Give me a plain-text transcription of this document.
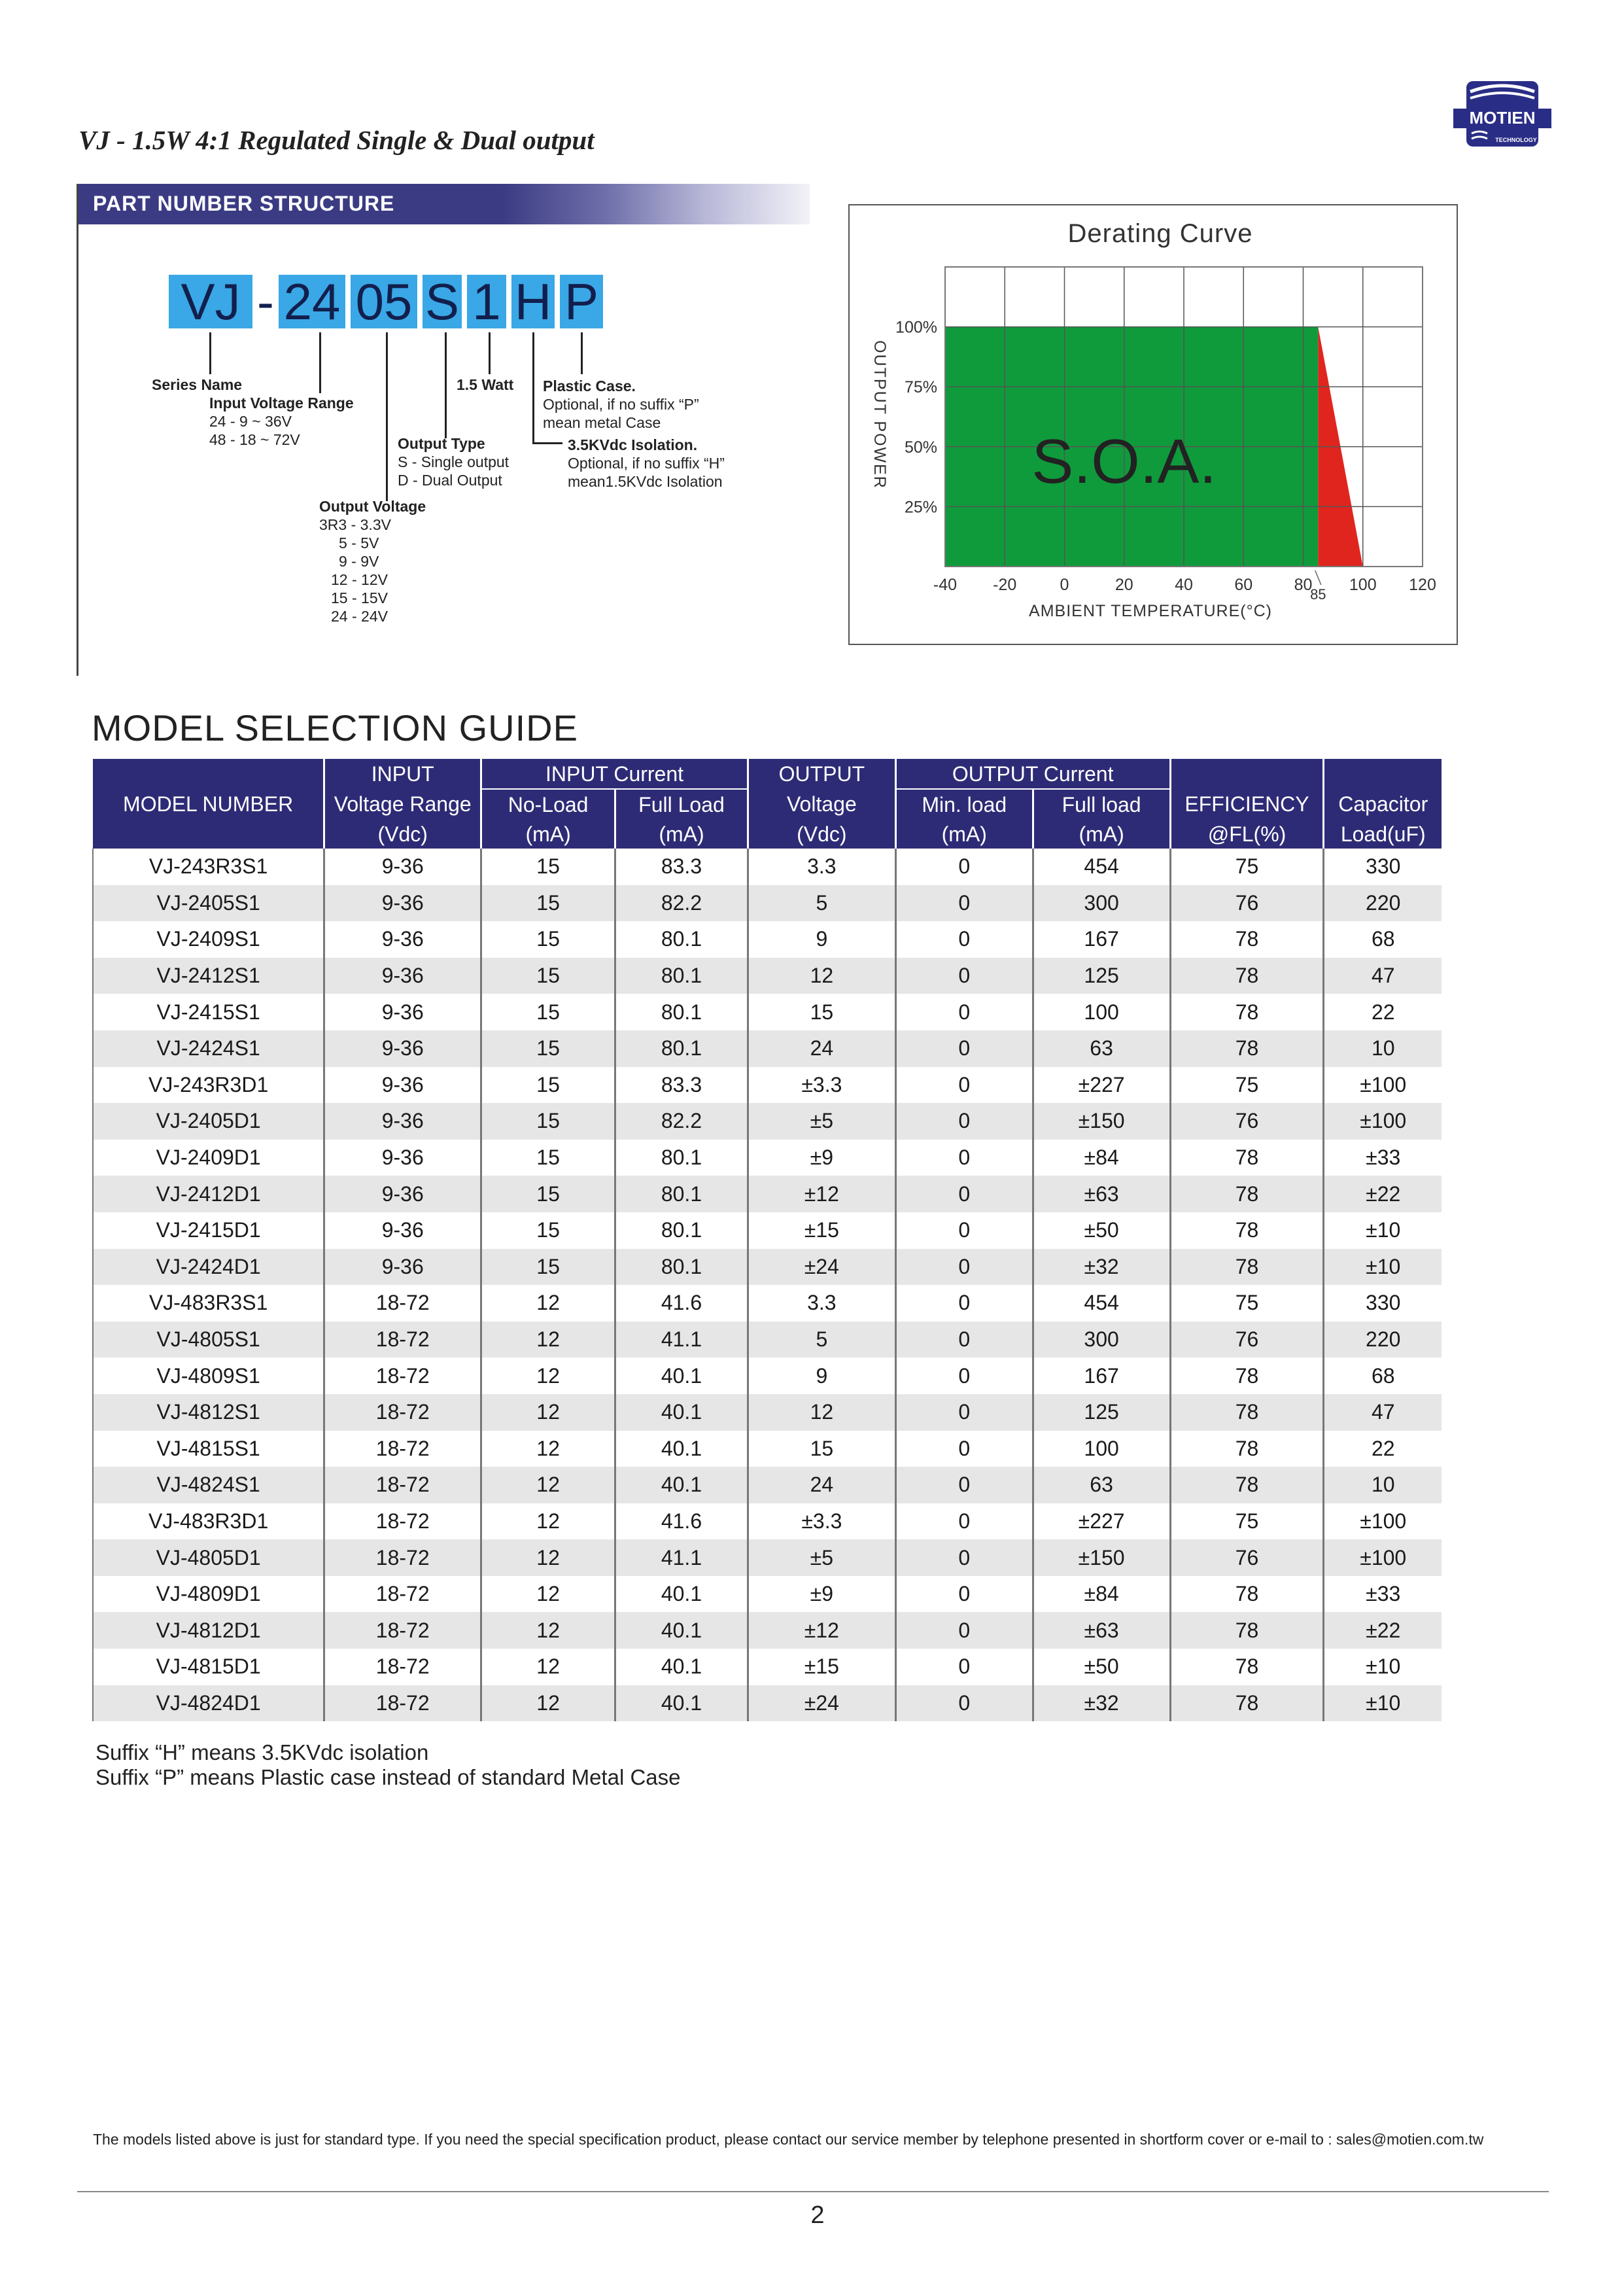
VJ - 1.5W 4:1 Regulated Single & Dual output
MOTIEN
TECHNOLOGY
PART NUMBER STRUCTURE
VJ - 24 05 S 1 H P
Series Name
Input Voltage Range
24 - 9 ~ 36V
48 - 18 ~ 72V
1.5 Watt Plastic Case.
Optional, if no suffix “P”
mean metal Case
Output Type
S - Single output
D - Dual Output
3.5KVdc Isolation.
Optional, if no suffix “H”
mean1.5KVdc Isolation
Output Voltage
3R3 - 3.3V
5 - 5V
9 - 9V
12 - 12V
15 - 15V
24 - 24V
Derating Curve
S.O.A.
100%
75%
50%
25%
-40 -20	0	20	40	60	80
85
100 120
OUTPUT POWER
AMBIENT TEMPERATURE(°C)
MODEL SELECTION GUIDE
	INPUT	INPUT Current		OUTPUT	OUTPUT Current			
MODEL NUMBER	Voltage Range	No-Load	Full Load	Voltage	Min. load	Full load	EFFICIENCY	Capacitor
	(Vdc)	(mA)	(mA)	(Vdc)	(mA)	(mA)	@FL(%)	Load(uF)
VJ-243R3S1	9-36	15	83.3	3.3	0	454	75	330
VJ-2405S1	9-36	15	82.2	5	0	300	76	220
VJ-2409S1	9-36	15	80.1	9	0	167	78	68
VJ-2412S1	9-36	15	80.1	12	0	125	78	47
VJ-2415S1	9-36	15	80.1	15	0	100	78	22
VJ-2424S1	9-36	15	80.1	24	0	63	78	10
VJ-243R3D1	9-36	15	83.3	±3.3	0	±227	75	±100
VJ-2405D1	9-36	15	82.2	±5	0	±150	76	±100
VJ-2409D1	9-36	15	80.1	±9	0	±84	78	±33
VJ-2412D1	9-36	15	80.1	±12	0	±63	78	±22
VJ-2415D1	9-36	15	80.1	±15	0	±50	78	±10
VJ-2424D1	9-36	15	80.1	±24	0	±32	78	±10
VJ-483R3S1	18-72	12	41.6	3.3	0	454	75	330
VJ-4805S1	18-72	12	41.1	5	0	300	76	220
VJ-4809S1	18-72	12	40.1	9	0	167	78	68
VJ-4812S1	18-72	12	40.1	12	0	125	78	47
VJ-4815S1	18-72	12	40.1	15	0	100	78	22
VJ-4824S1	18-72	12	40.1	24	0	63	78	10
VJ-483R3D1	18-72	12	41.6	±3.3	0	±227	75	±100
VJ-4805D1	18-72	12	41.1	±5	0	±150	76	±100
VJ-4809D1	18-72	12	40.1	±9	0	±84	78	±33
VJ-4812D1	18-72	12	40.1	±12	0	±63	78	±22
VJ-4815D1	18-72	12	40.1	±15	0	±50	78	±10
VJ-4824D1	18-72	12	40.1	±24	0	±32	78	±10
Suffix “H” means 3.5KVdc isolation
Suffix “P” means Plastic case instead of standard Metal Case
The models listed above is just for standard type. If you need the special specification product, please contact our service member by telephone presented in shortform cover or e-mail to : sales@motien.com.tw
2
